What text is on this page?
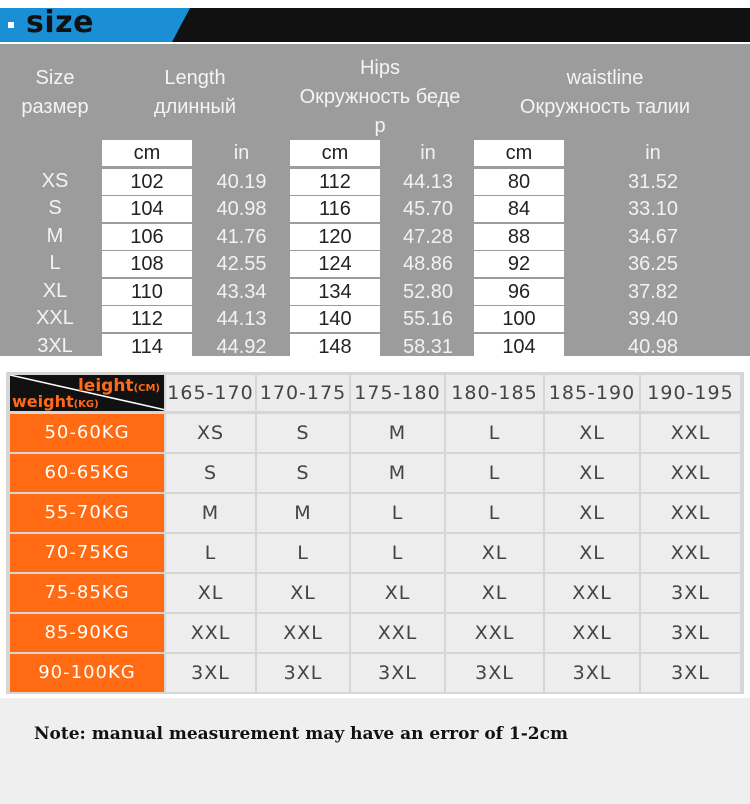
size
Size
размер
Length
длинный
Hips
Окружность беде
р
waistline
Окружность талии
cm	in	cm	in	cm	in
XS	102	40.19	112	44.13	80	31.52
S	104	40.98	116	45.70	84	33.10
M	106	41.76	120	47.28	88	34.67
L	108	42.55	124	48.86	92	36.25
XL	110	43.34	134	52.80	96	37.82
XXL	112	44.13	140	55.16	100	39.40
3XL	114	44.92	148	58.31	104	40.98
leight(CM)
weight(KG)
165-170 170-175 175-180 180-185 185-190 190-195
50-60KG	XS	S	M	L	XL	XXL
60-65KG	S	S	M	L	XL	XXL
55-70KG	M	M	L	L	XL	XXL
70-75KG	L	L	L	XL	XL	XXL
75-85KG	XL	XL	XL	XL	XXL	3XL
85-90KG	XXL	XXL	XXL	XXL	XXL	3XL
90-100KG	3XL	3XL	3XL	3XL	3XL	3XL
Note: manual measurement may have an error of 1-2cm
